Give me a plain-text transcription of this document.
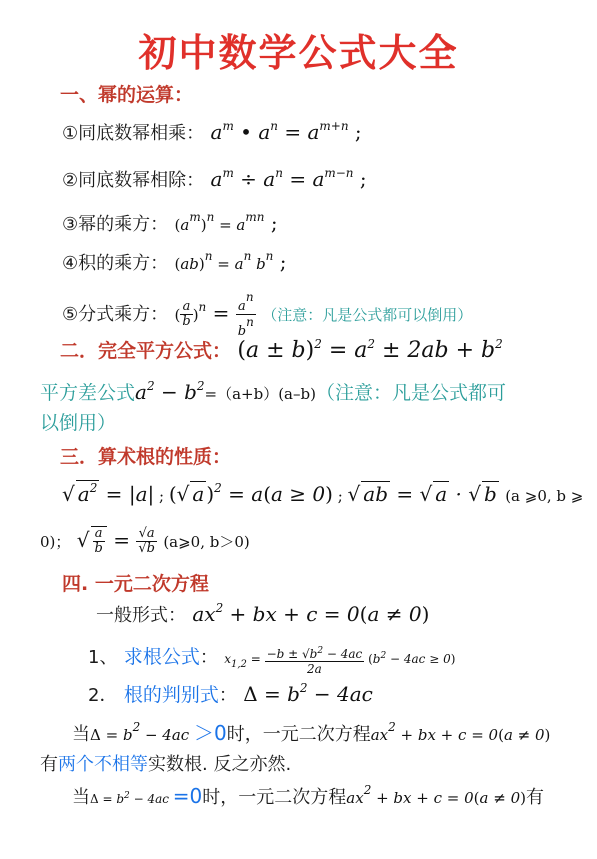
初中数学公式大全
一、幂的运算：
①同底数幂相乘： $a^m$ • $a^n = a^{m+n}$ ;
②同底数幂相除： $a^m \div a^n = a^{m-n}$ ;
③幂的乘方： $(a^m)^n = a^{mn}$ ;
④积的乘方： $(ab)^n = a^n$ $b^n$ ;
⑤分式乘方： ( $\frac{a}{b} )^n = \frac{a^n}{b^n}$ （注意：凡是公式都可以倒用）
二．完全平方公式： $(a \pm b)^2 = a^2 \pm 2ab + b^2$
平方差公式$a^2 - b^2=(a+b)(a-b)$（注意：凡是公式都可
以倒用）
三．算术根的性质：
√ $a^2 = |a|$ ; ( √ a )$^2$ = a(a ≥ 0) ; √ ab = √ a · √ b (a ⩾0, b ⩾
0)； √ $\frac{a}{b}$ = √ a
√ b (a⩾0, b＞0)
四. 一元二次方程
一般形式： $ax^2$ + bx + c = 0(a ≠ 0)
1、 求根公式： $x_{1,2} = \frac{-b \pm √ b^2 - 4ac}{2a} (b^2 - 4ac \ge 0)$
2． 根的判别式： $\Delta = b^2 - 4ac$
当$\Delta = b^2 - 4ac >0$时，一元二次方程$ax^2$ + bx + c = 0(a ≠ 0)
有两个不相等实数根. 反之亦然.
当$\Delta = b^2 - 4ac =0$时，一元二次方程$ax^2$ + bx + c = 0(a ≠ 0)有
